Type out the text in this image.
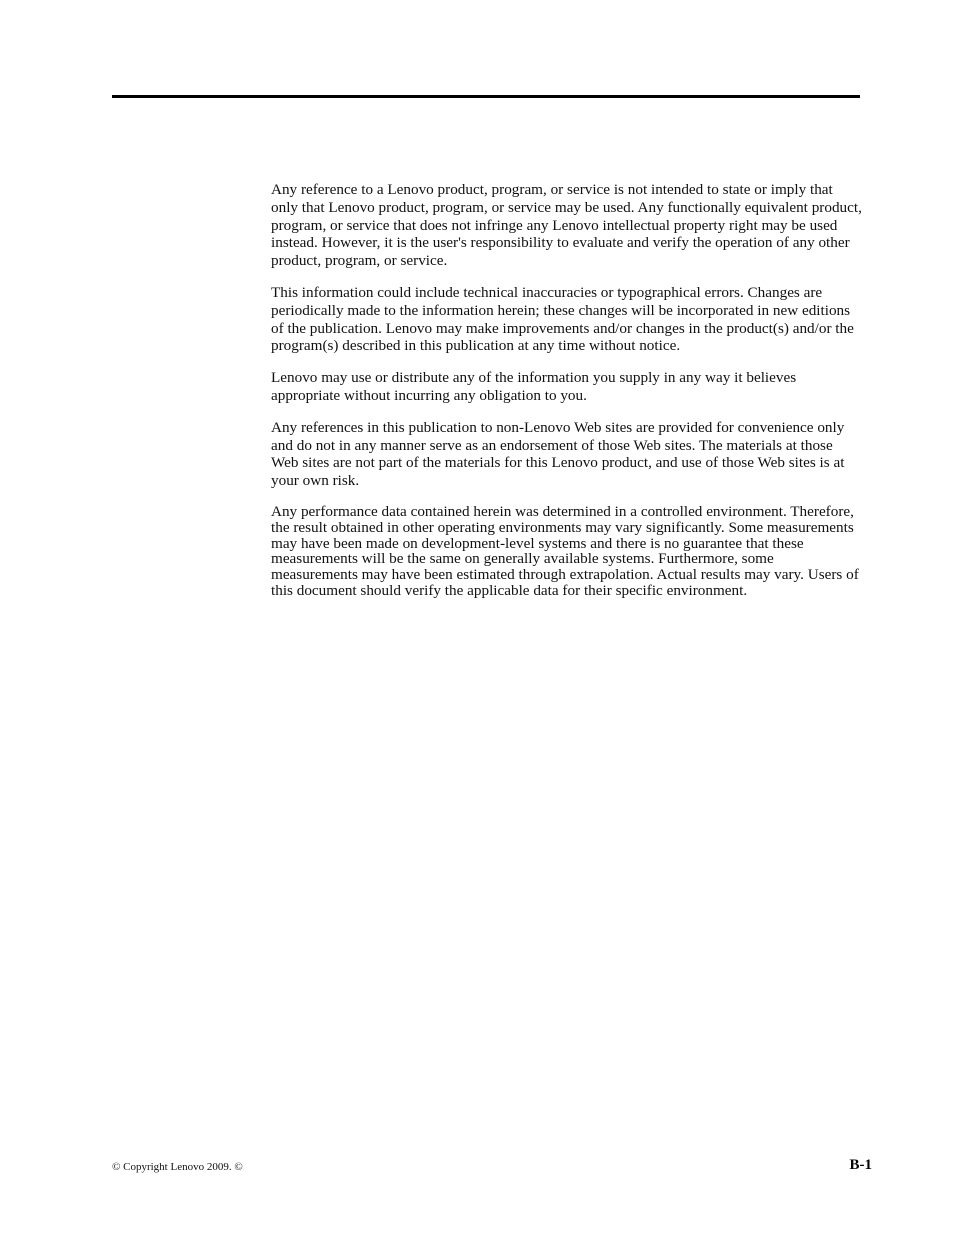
Any reference to a Lenovo product, program, or service is not intended to state or imply that only that Lenovo product, program, or service may be used. Any functionally equivalent product, program, or service that does not infringe any Lenovo intellectual property right may be used instead. However, it is the user's responsibility to evaluate and verify the operation of any other product, program, or service.

This information could include technical inaccuracies or typographical errors. Changes are periodically made to the information herein; these changes will be incorporated in new editions of the publication. Lenovo may make improvements and/or changes in the product(s) and/or the program(s) described in this publication at any time without notice.

Lenovo may use or distribute any of the information you supply in any way it believes appropriate without incurring any obligation to you.

Any references in this publication to non-Lenovo Web sites are provided for convenience only and do not in any manner serve as an endorsement of those Web sites. The materials at those Web sites are not part of the materials for this Lenovo product, and use of those Web sites is at your own risk.

Any performance data contained herein was determined in a controlled environment. Therefore, the result obtained in other operating environments may vary significantly. Some measurements may have been made on development-level systems and there is no guarantee that these measurements will be the same on generally available systems. Furthermore, some measurements may have been estimated through extrapolation. Actual results may vary. Users of this document should verify the applicable data for their specific environment.

© Copyright Lenovo 2009. ©	B-1
